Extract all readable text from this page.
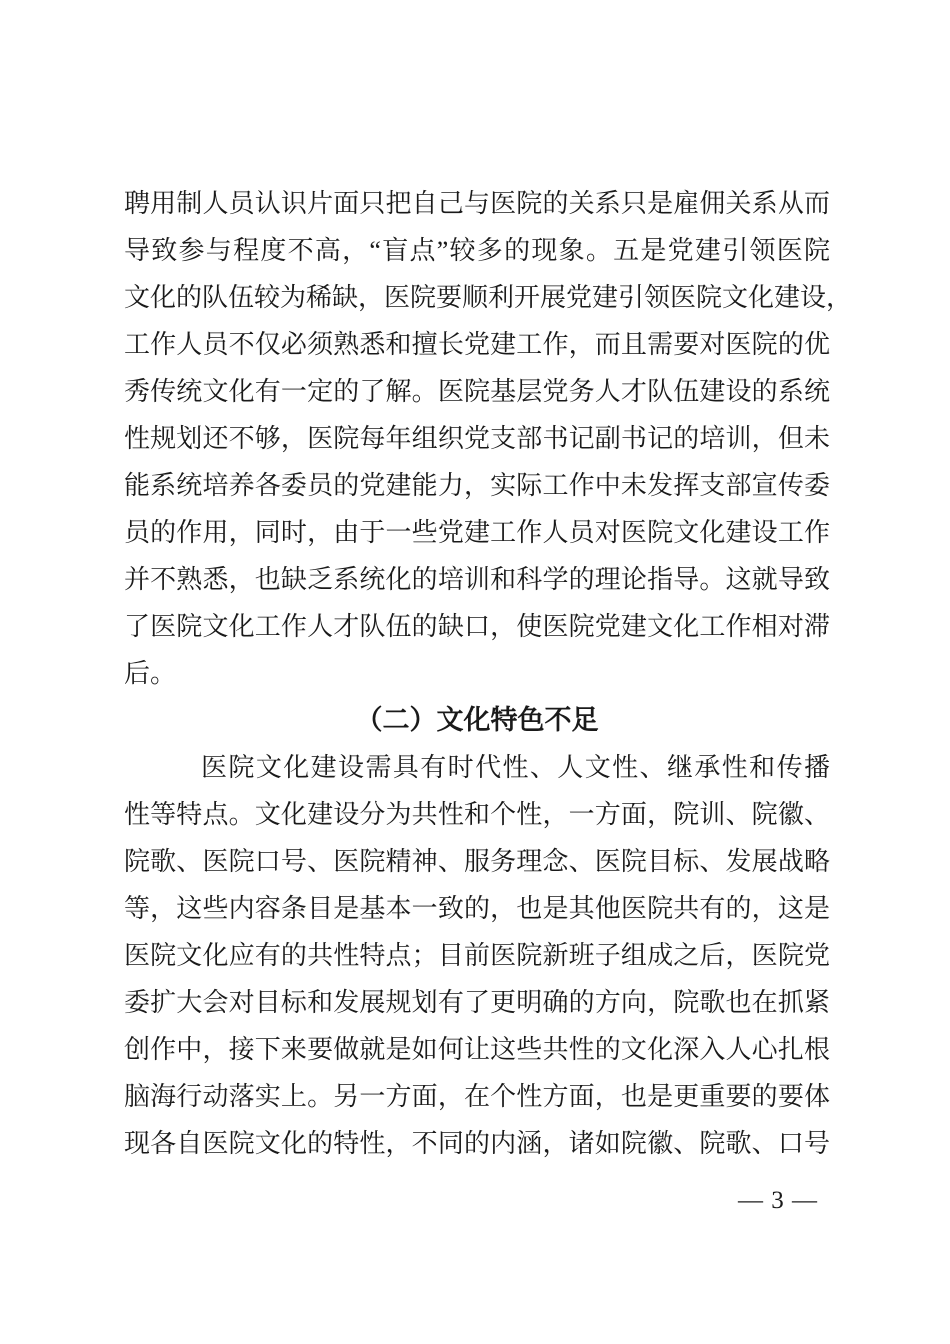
聘用制人员认识片面只把自己与医院的关系只是雇佣关系从而
导致参与程度不高，“盲点”较多的现象。五是党建引领医院
文化的队伍较为稀缺，医院要顺利开展党建引领医院文化建设，
工作人员不仅必须熟悉和擅长党建工作，而且需要对医院的优
秀传统文化有一定的了解。医院基层党务人才队伍建设的系统
性规划还不够，医院每年组织党支部书记副书记的培训，但未
能系统培养各委员的党建能力，实际工作中未发挥支部宣传委
员的作用，同时，由于一些党建工作人员对医院文化建设工作
并不熟悉，也缺乏系统化的培训和科学的理论指导。这就导致
了医院文化工作人才队伍的缺口，使医院党建文化工作相对滞
后。
（二）文化特色不足
医院文化建设需具有时代性、人文性、继承性和传播
性等特点。文化建设分为共性和个性，一方面，院训、院徽、
院歌、医院口号、医院精神、服务理念、医院目标、发展战略
等，这些内容条目是基本一致的，也是其他医院共有的，这是
医院文化应有的共性特点；目前医院新班子组成之后，医院党
委扩大会对目标和发展规划有了更明确的方向，院歌也在抓紧
创作中，接下来要做就是如何让这些共性的文化深入人心扎根
脑海行动落实上。另一方面，在个性方面，也是更重要的要体
现各自医院文化的特性，不同的内涵，诸如院徽、院歌、口号
— 3 —
